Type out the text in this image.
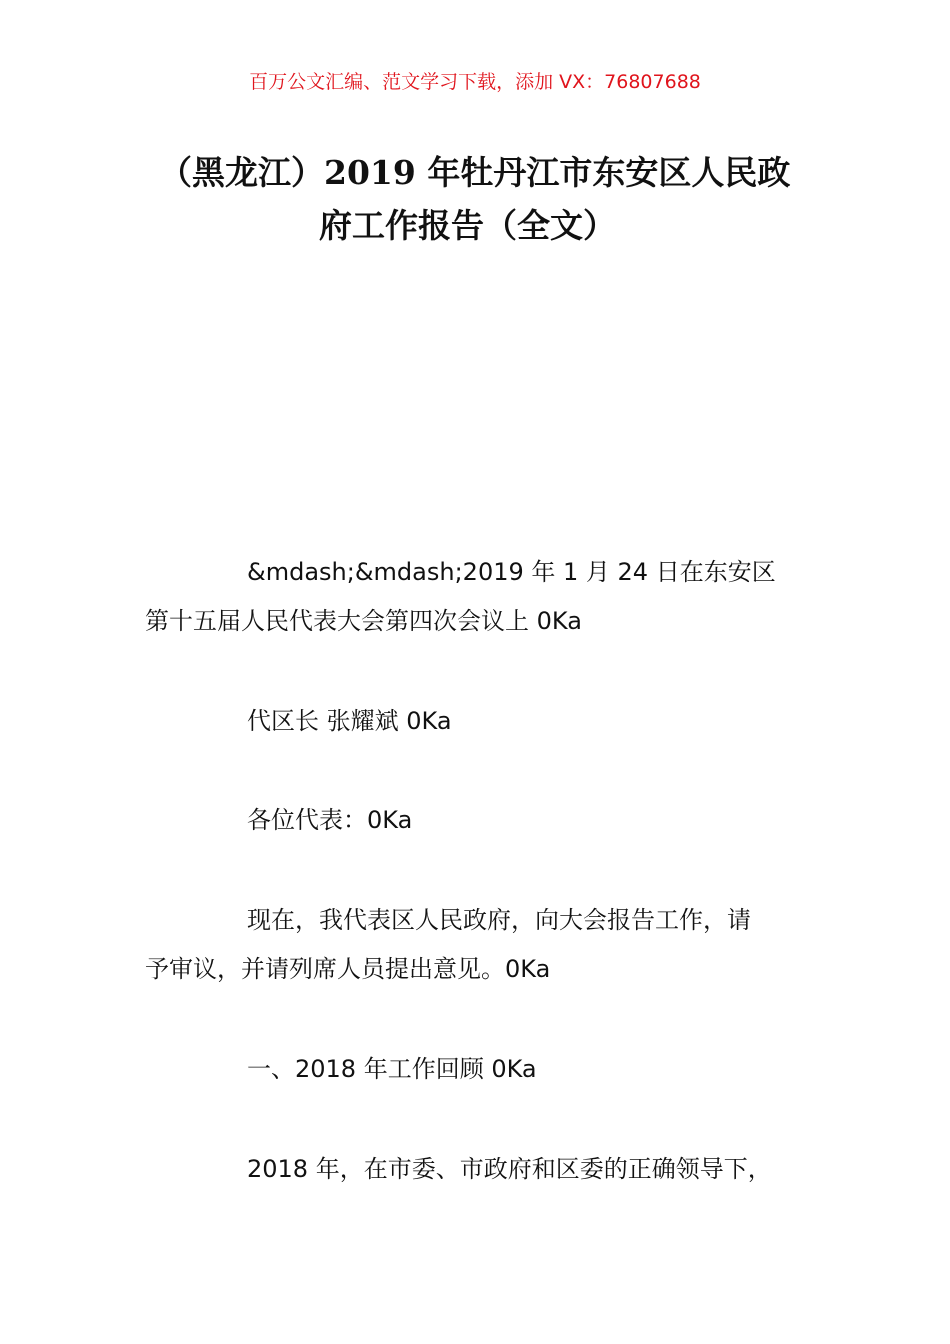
百万公文汇编、范文学习下载，添加 VX：76807688
（黑龙江）2019 年牡丹江市东安区人民政
府工作报告（全文）
&mdash;&mdash;2019 年 1 月 24 日在东安区
第十五届人民代表大会第四次会议上 0Ka
代区长 张耀斌 0Ka
各位代表：0Ka
现在，我代表区人民政府，向大会报告工作，请
予审议，并请列席人员提出意见。0Ka
一、2018 年工作回顾 0Ka
2018 年，在市委、市政府和区委的正确领导下，
